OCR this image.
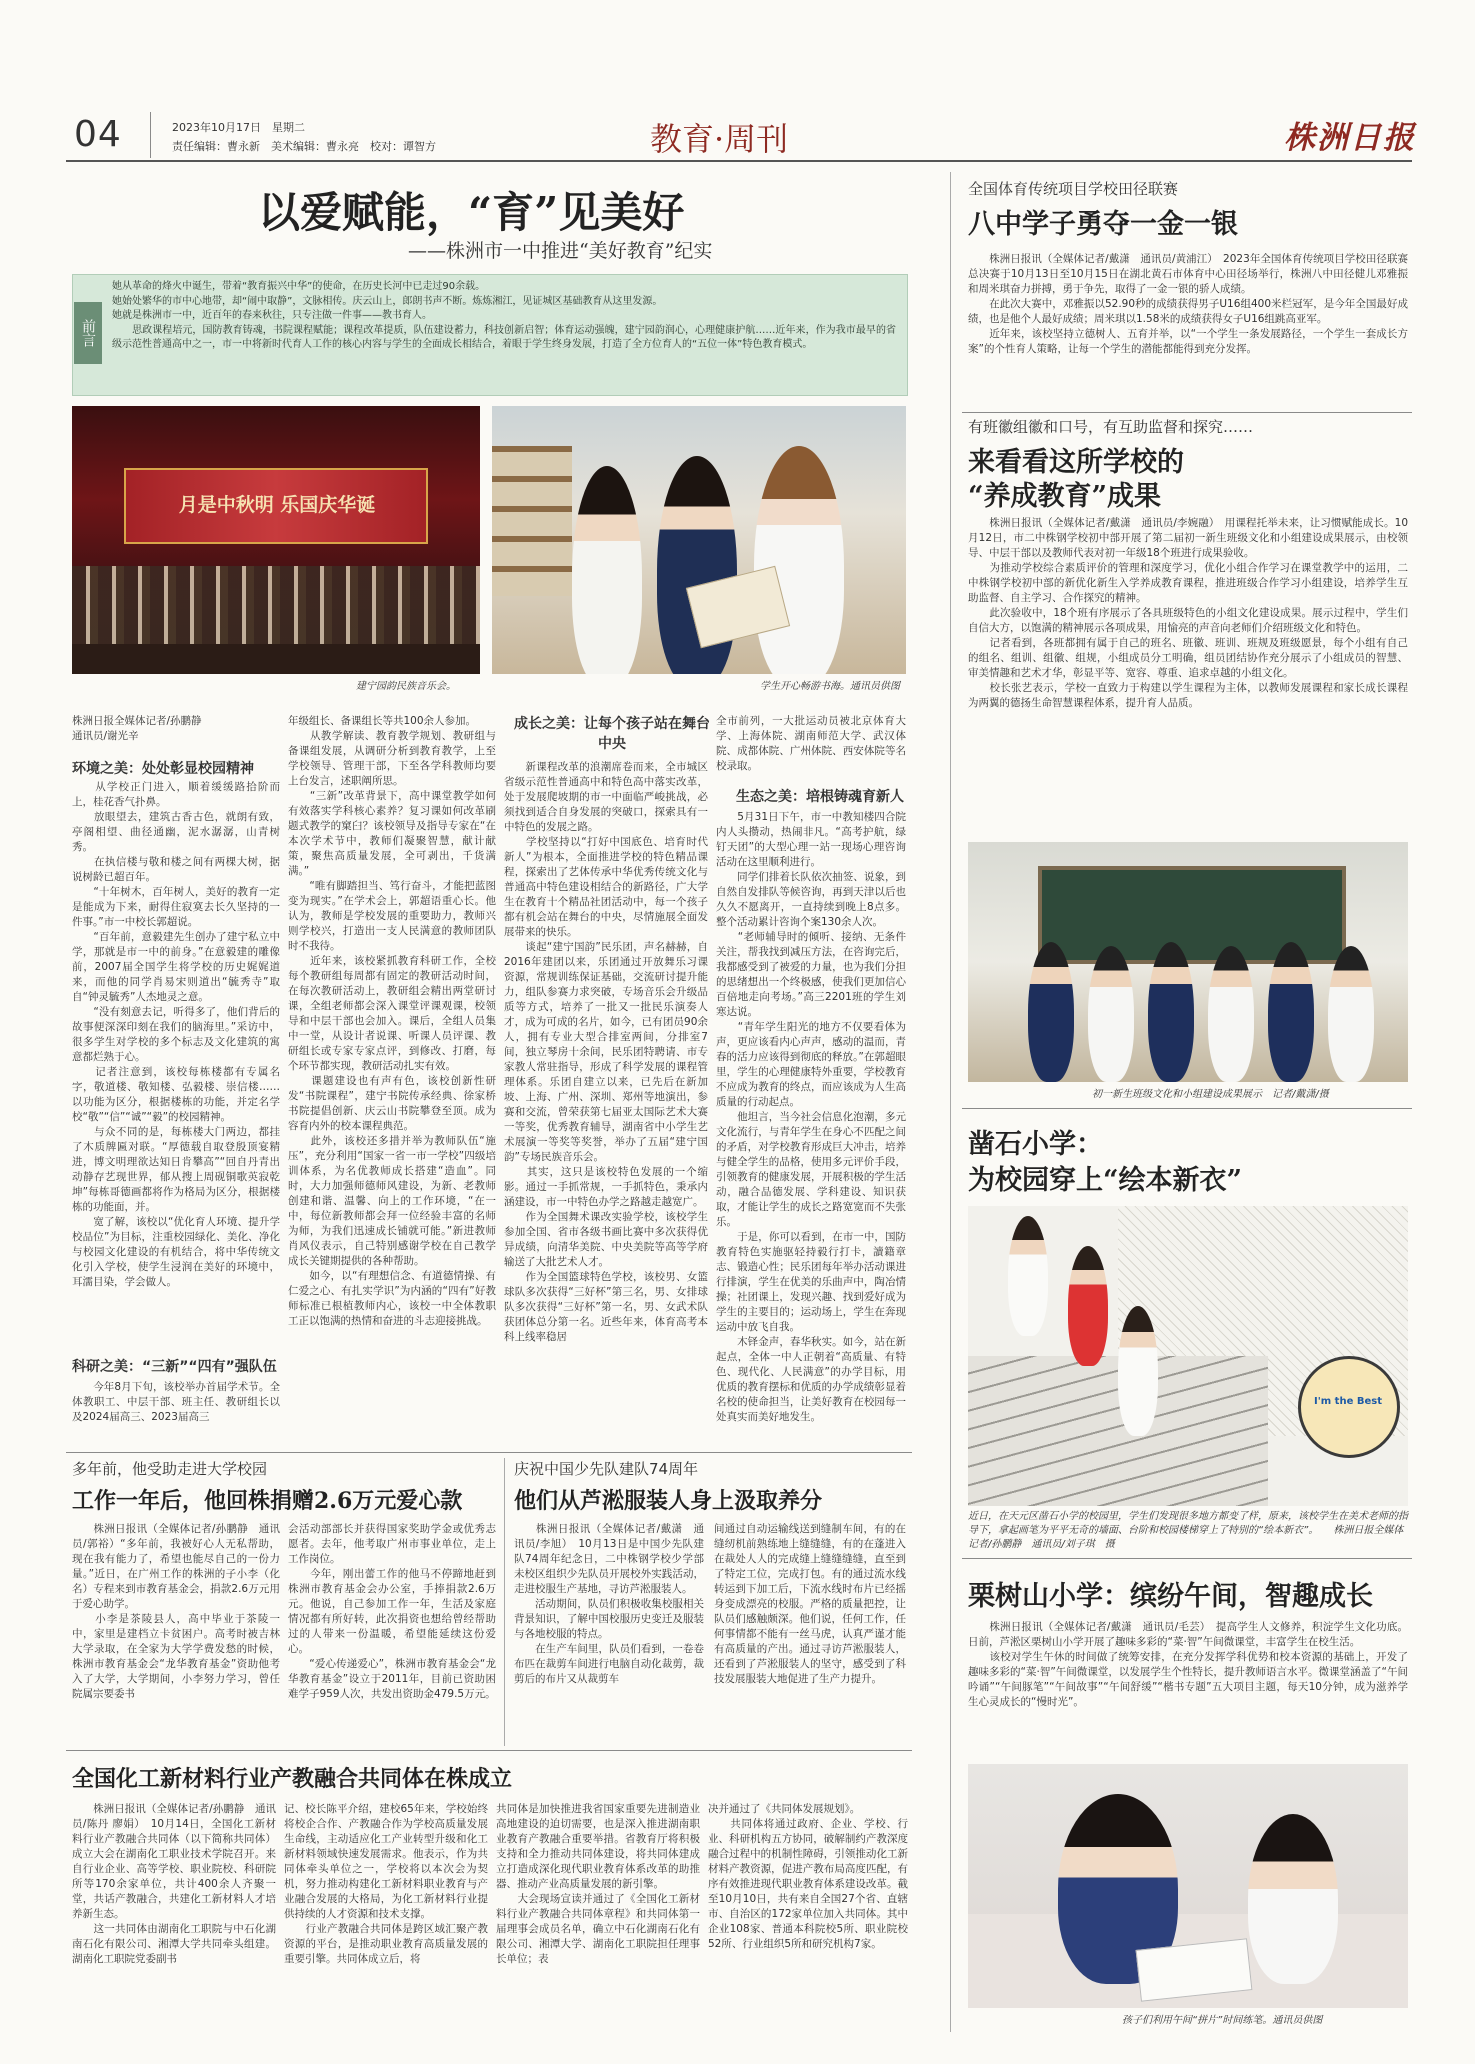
04	2023年10月17日　星期二
责任编辑：曹永新　美术编辑：曹永亮　校对：谭智方	教育·周刊	株洲日报
以爱赋能，“育”见美好
——株洲市一中推进“美好教育”纪实
前言
她从革命的烽火中诞生，带着“教育振兴中华”的使命，在历史长河中已走过90余载。
她始处繁华的市中心地带，却“闹中取静”，文脉相传。庆云山上，郎朗书声不断。炼炼湘江，见证城区基础教育从这里发源。
她就是株洲市一中，近百年的春来秋往，只专注做一件事——教书育人。
　　思政课程培元，国防教育铸魂，书院课程赋能；课程改革提质，队伍建设蓄力，科技创新启智；体育运动强魄，建宁园韵润心，心理健康护航……近年来，作为我市最早的省级示范性普通高中之一，市一中将新时代育人工作的核心内容与学生的全面成长相结合，着眼于学生终身发展，打造了全方位育人的“五位一体”特色教育模式。
月是中秋明 乐国庆华诞
建宁园韵民族音乐会。	学生开心畅游书海。通讯员供图
株洲日报全媒体记者/孙鹏静
通讯员/谢光辛
环境之美：处处彰显校园精神
　　从学校正门进入，顺着缓缓路拾阶而上，桂花香气扑鼻。
　　放眼望去，建筑古香古色，就朗有致，亭阁相望、曲径通幽，泥水潺潺，山青树秀。
　　在执信楼与敬和楼之间有两棵大树，据说树龄已超百年。
　　“十年树木，百年树人，美好的教育一定是能成为下来，耐得住寂寞去长久坚持的一件事。”市一中校长郭超说。
　　“百年前，意毅建先生创办了建宁私立中学，那就是市一中的前身。”在意毅建的雕像前，2007届全国学生将学校的历史娓娓道来，而他的同学肖易宋则道出“毓秀寺”取自“钟灵毓秀”人杰地灵之意。
　　“没有刻意去记，听得多了，他们背后的故事便深深印刻在我们的脑海里。”采访中，很多学生对学校的多个标志及文化建筑的寓意都烂熟于心。
　　记者注意到，该校每栋楼都有专属名字，敬道楼、敬知楼、弘毅楼、崇信楼……以功能为区分，根据楼栋的功能，并定名学校“敬”“信”“诚”“毅”的校园精神。
　　与众不同的是，每栋楼大门两边，都挂了木质牌匾对联。“厚德载自取登殷顶宴精进，博文明理欲达知日肯攀高”“回自丹青出动静存艺现世界，郁从搜上周砚铜歌英寂乾坤”每栋哥德画都将作为格局为区分，根据楼栋的功能面，并。
　　宽了解，该校以“优化育人环境、提升学校品位”为目标，注重校园绿化、美化、净化与校园文化建设的有机结合，将中华传统文化引入学校，使学生浸润在美好的环境中，耳濡目染，学会做人。
科研之美：“三新”“四有”强队伍
　　今年8月下旬，该校举办首届学术节。全体教职工、中层干部、班主任、教研组长以及2024届高三、2023届高三
年级组长、备课组长等共100余人参加。
　　从教学解读、教育教学规划、教研组与备课组发展，从调研分析到教育教学，上至学校领导、管理干部，下至各学科教师均要上台发言，述职阐所思。
　　“三新”改革背景下，高中课堂教学如何有效落实学科核心素养？复习课如何改革刷题式教学的窠臼？该校领导及指导专家在“在本次学术节中，教师们凝聚智慧，献计献策，聚焦高质量发展，全可剥出，千货满满。”
　　“唯有脚踏担当、笃行奋斗，才能把蓝图变为现实。”在学术会上，郭超语重心长。他认为，教师是学校发展的重要助力，教师兴则学校兴，打造出一支人民满意的教师团队时不我待。
　　近年来，该校紧抓教育科研工作，全校每个教研组每周都有固定的教研活动时间，在每次教研活动上，教研组会精出两堂研讨课，全组老师都会深入课堂评课观课，校领导和中层干部也会加入。课后，全组人员集中一堂，从设计者说课、听课人员评课、教研组长或专家专家点评，到修改、打磨，每个环节都实现，教研活动扎实有效。
　　课题建设也有声有色，该校创新性研发“书院课程”，建宁书院传承经典、徐家桥书院提倡创新、庆云山书院攀登至顶。成为容育内外的校本课程典范。
　　此外，该校还多措并举为教师队伍“施压”，充分利用“国家一省一市一学校”四级培训体系，为名优教师成长搭建“造血”。同时，大力加强师德师风建设，为新、老教师创建和谐、温馨、向上的工作环境，“在一中，每位新教师都会拜一位经验丰富的名师为师，为我们迅速成长铺就可能。”新进教师肖风仪表示，自己特别感谢学校在自己教学成长关键期提供的各种帮助。
　　如今，以“有理想信念、有道德情操、有仁爱之心、有扎实学识”为内涵的“四有”好教师标准已根植教师内心，该校一中全体教职工正以饱满的热情和奋进的斗志迎接挑战。
成长之美：让每个孩子站在舞台中央
　　新课程改革的浪潮席卷而来，全市城区省级示范性普通高中和特色高中落实改革，处于发展爬坡期的市一中面临严峻挑战，必须找到适合自身发展的突破口，探索具有一中特色的发展之路。
　　学校坚持以“打好中国底色、培育时代新人”为根本，全面推进学校的特色精品课程，探索出了艺体传承中华优秀传统文化与普通高中特色建设相结合的新路径，广大学生在教育十个精品社团活动中，每一个孩子都有机会站在舞台的中央，尽情施展全面发展带来的快乐。
　　谈起“建宁国韵”民乐团，声名赫赫，自2016年建团以来，乐团通过开放舞乐习课资源，常规训练保证基础，交流研讨提升能力，组队参赛力求突破，专场音乐会升级品质等方式，培养了一批又一批民乐演奏人才，成为可成的名片，如今，已有团员90余人，拥有专业大型合排室两间，分排室7间，独立琴房十余间，民乐团特聘请、市专家教人常驻指导，形成了科学发展的课程管理体系。乐团自建立以来，已先后在新加坡、上海、广州、深圳、郑州等地演出，参赛和交流，曾荣获第七届亚太国际艺术大赛一等奖，优秀教育辅导，湖南省中小学生艺术展演一等奖等奖誉，举办了五届“建宁国韵”专场民族音乐会。
　　其实，这只是该校特色发展的一个缩影。通过一手抓常规，一手抓特色，秉承内涵建设，市一中特色办学之路越走越宽广。
　　作为全国舞术课改实验学校，该校学生参加全国、省市各级书画比赛中多次获得优异成绩，向清华美院、中央美院等高等学府输送了大批艺术人才。
　　作为全国篮球特色学校，该校男、女篮球队多次获得“三好杯”第三名，男、女排球队多次获得“三好杯”第一名，男、女武术队获团体总分第一名。近些年来，体育高考本科上线率稳居
全市前列，一大批运动员被北京体育大学、上海体院、湖南师范大学、武汉体院、成都体院、广州体院、西安体院等名校录取。
生态之美：培根铸魂育新人
　　5月31日下午，市一中教知楼四合院内人头攒动，热闹非凡。“高考护航，绿钉天团”的大型心理一站一现场心理咨询活动在这里顺利进行。
　　同学们排着长队依次抽签、说象，到自然自发排队等候咨询，再到天津以后也久久不愿离开，一直持续到晚上8点多。整个活动累计咨询个案130余人次。
　　“老师辅导时的倾听、接纳、无条件关注，帮我找到减压方法，在咨询完后，我都感受到了被爱的力量，也为我们分担的思绪想出一个终极感，使我们更加信心百倍地走向考场。”高三2201班的学生刘寒达说。
　　“青年学生阳光的地方不仅要看体为声，更应该看内心声声，感动的温而，青春的活力应该得到彻底的释放。”在郭超眼里，学生的心理健康特外重要，学校教育不应成为教育的终点，而应该成为人生高质量的行动起点。
　　他坦言，当今社会信息化泡潮，多元文化流行，与青年学生在身心不匹配之间的矛盾，对学校教育形成巨大冲击，培养与健全学生的品格，使用多元评价手段，引领教育的健康发展，开展积极的学生活动，融合品德发展、学科建设、知识获取，才能让学生的成长之路宽宽而不失张乐。
　　于是，你可以看到，在市一中，国防教育特色实施驱轻持毅行打卡，讀籍章志、锻造心性；民乐团每年举办活动课进行排演，学生在优美的乐曲声中，陶冶情操；社团课上，发现兴趣、找到爱好成为学生的主要目的；运动场上，学生在奔现运动中放飞自我。
　　木铎金声，春华秋实。如今，站在新起点，全体一中人正朝着“高质量、有特色、现代化、人民满意”的办学目标，用优质的教育摆标和优质的办学成绩彰显着名校的使命担当，让美好教育在校园每一处真实而美好地发生。
全国体育传统项目学校田径联赛
八中学子勇夺一金一银
　　株洲日报讯（全媒体记者/戴潇　通讯员/黄浦江）　2023年全国体育传统项目学校田径联赛总决赛于10月13日至10月15日在湖北黄石市体育中心田径场举行，株洲八中田径健儿邓雅振和周米琪奋力拼搏，勇于争先，取得了一金一银的骄人成绩。
　　在此次大赛中，邓雅振以52.90秒的成绩获得男子U16组400米栏冠军，是今年全国最好成绩，也是他个人最好成绩；周米琪以1.58米的成绩获得女子U16组跳高亚军。
　　近年来，该校坚持立德树人、五育并举，以“一个学生一条发展路径，一个学生一套成长方案”的个性育人策略，让每一个学生的潜能都能得到充分发挥。
有班徽组徽和口号，有互助监督和探究……
来看看这所学校的
“养成教育”成果
　　株洲日报讯（全媒体记者/戴潇　通讯员/李婉融）　用课程托举未来，让习惯赋能成长。10月12日，市二中株钢学校初中部开展了第二届初一新生班级文化和小组建设成果展示，由校领导、中层干部以及教师代表对初一年级18个班进行成果验收。
　　为推动学校综合素质评价的管理和深度学习，优化小组合作学习在课堂教学中的运用，二中株钢学校初中部的新优化新生入学养成教育课程，推进班级合作学习小组建设，培养学生互助监督、自主学习、合作探究的精神。
　　此次验收中，18个班有序展示了各具班级特色的小组文化建设成果。展示过程中，学生们自信大方，以饱满的精神展示各项成果，用愉亮的声音向老师们介绍班级文化和特色。
　　记者看到，各班都拥有属于自己的班名、班徽、班训、班规及班级愿景，每个小组有自己的组名、组训、组徽、组规，小组成员分工明确，组员团结协作充分展示了小组成员的智慧、审美情趣和艺术才华，彰显平等、宽容、尊重、追求卓越的小组文化。
　　校长张艺表示，学校一直致力于构建以学生课程为主体，以教师发展课程和家长成长课程为两翼的德扬生命智慧课程体系，提升育人品质。
初一新生班级文化和小组建设成果展示　记者/戴潇/摄
凿石小学：
为校园穿上“绘本新衣”
I'm the Best
近日，在天元区凿石小学的校园里，学生们发现很多地方都变了样，原来，该校学生在美术老师的指导下，拿起画笔为平平无奇的墙面、台阶和校园楼梯穿上了特别的“绘本新衣”。　　株洲日报全媒体记者/孙鹏静　通讯员/刘子琪　摄
栗树山小学：缤纷午间，智趣成长
　　株洲日报讯（全媒体记者/戴潇　通讯员/毛芸）　提高学生人文修养，积淀学生文化功底。日前，芦淞区栗树山小学开展了趣味多彩的“菜·智”午间微课堂，丰富学生在校生活。
　　该校对学生午休的时间做了统筹安排，在充分发挥学科优势和校本资源的基础上，开发了趣味多彩的“菜·智”午间微课堂，以发展学生个性特长，提升教师语言水平。微课堂涵盖了“午间吟诵”“午间豚笔”“午间故事”“午间舒缓”“楷书专题”五大项目主题，每天10分钟，成为滋养学生心灵成长的“慢时光”。
孩子们利用午间“拼片”时间练笔。通讯员供图
多年前，他受助走进大学校园
工作一年后，他回株捐赠2.6万元爱心款
　　株洲日报讯（全媒体记者/孙鹏静　通讯员/郭裕）“多年前，我被好心人无私帮助，现在我有能力了，希望也能尽自己的一份力量。”近日，在广州工作的株洲的子小李（化名）专程来到市教育基金会，捐款2.6万元用于爱心助学。
　　小李是茶陵县人，高中毕业于茶陵一中，家里是建档立卡贫困户。高考时被吉林大学录取，在全家为大学学费发愁的时候，株洲市教育基金会“龙华教育基金”资助他考入了大学，大学期间，小李努力学习，曾任院属宗要委书
会活动部部长并获得国家奖助学金或优秀志愿者。去年，他考取广州市事业单位，走上工作岗位。
　　今年，刚出蕾工作的他马不停蹄地赶到株洲市教育基金会办公室，手捧捐款2.6万元。他说，自己参加工作一年，生活及家庭情况都有所好转，此次捐资也想给曾经帮助过的人带来一份温暖，希望能延续这份爱心。
　　“爱心传递爱心”，株洲市教育基金会“龙华教育基金”设立于2011年，目前已资助困难学子959人次，共发出资助金479.5万元。
庆祝中国少先队建队74周年
他们从芦淞服装人身上汲取养分
　　株洲日报讯（全媒体记者/戴潇　通讯员/李旭）　10月13日是中国少先队建队74周年纪念日，二中株钢学校少学部未校区组织少先队员开展校外实践活动，走进校服生产基地，寻访芦淞服装人。
　　活动期间，队员们积极收集校服相关背景知识，了解中国校服历史变迁及服装与各地校服的特点。
　　在生产车间里，队员们看到，一卷卷布匹在裁剪车间进行电脑自动化裁剪，裁剪后的布片又从裁剪车
间通过自动运输线送到缝制车间，有的在缝纫机前熟练地上缝缝缝，有的在蓬进入在裁处人人的完成缝上缝缝缝缝，直至到了特定工位，完成打包。有的通过流水线转运到下加工后，下流水线时布片已经摇身变成漂亮的校服。严格的质量把控，让队员们感触颇深。他们说，任何工作，任何事情都不能有一丝马虎，认真严谨才能有高质量的产出。通过寻访芦淞服装人，还看到了芦淞服装人的坚守，感受到了科技发展服装大地促进了生产力提升。
全国化工新材料行业产教融合共同体在株成立
　　株洲日报讯（全媒体记者/孙鹏静　通讯员/陈丹 廖娟）　10月14日，全国化工新材料行业产教融合共同体（以下简称共同体）成立大会在湖南化工职业技术学院召开。来自行业企业、高等学校、职业院校、科研院所等170余家单位，共计400余人齐聚一堂，共话产教融合，共建化工新材料人才培养新生态。
　　这一共同体由湖南化工职院与中石化湖南石化有限公司、湘潭大学共同牵头组建。湖南化工职院党委副书
记、校长陈平介绍，建校65年来，学校始终将校企合作、产教融合作为学校高质量发展生命线，主动适应化工产业转型升级和化工新材料领域快速发展需求。他表示，作为共同体牵头单位之一，学校将以本次会为契机，努力推动构建化工新材料职业教育与产业融合发展的大格局，为化工新材料行业提供持续的人才资源和技术支撑。
　　行业产教融合共同体是跨区域汇聚产教资源的平台，是推动职业教育高质量发展的重要引擎。共同体成立后，将
共同体是加快推进我省国家重要先进制造业高地建设的迫切需要，也是深入推进湖南职业教育产教融合重要举措。省教育厅将积极支持和全力推动共同体建设，将共同体建成立打造成深化现代职业教育体系改革的助推器、推动产业高质量发展的新引擎。
　　大会现场宣读并通过了《全国化工新材料行业产教融合共同体章程》和共同体第一届理事会成员名单，确立中石化湖南石化有限公司、湘潭大学、湖南化工职院担任理事长单位；表
决并通过了《共同体发展规划》。
　　共同体将通过政府、企业、学校、行业、科研机构五方协同，破解制约产教深度融合过程中的机制性障碍，引领推动化工新材料产教资源，促进产教布局高度匹配，有序有效推进现代职业教育体系建设改革。截至10月10日，共有来自全国27个省、直辖市、自治区的172家单位加入共同体。其中企业108家、普通本科院校5所、职业院校52所、行业组织5所和研究机构7家。
